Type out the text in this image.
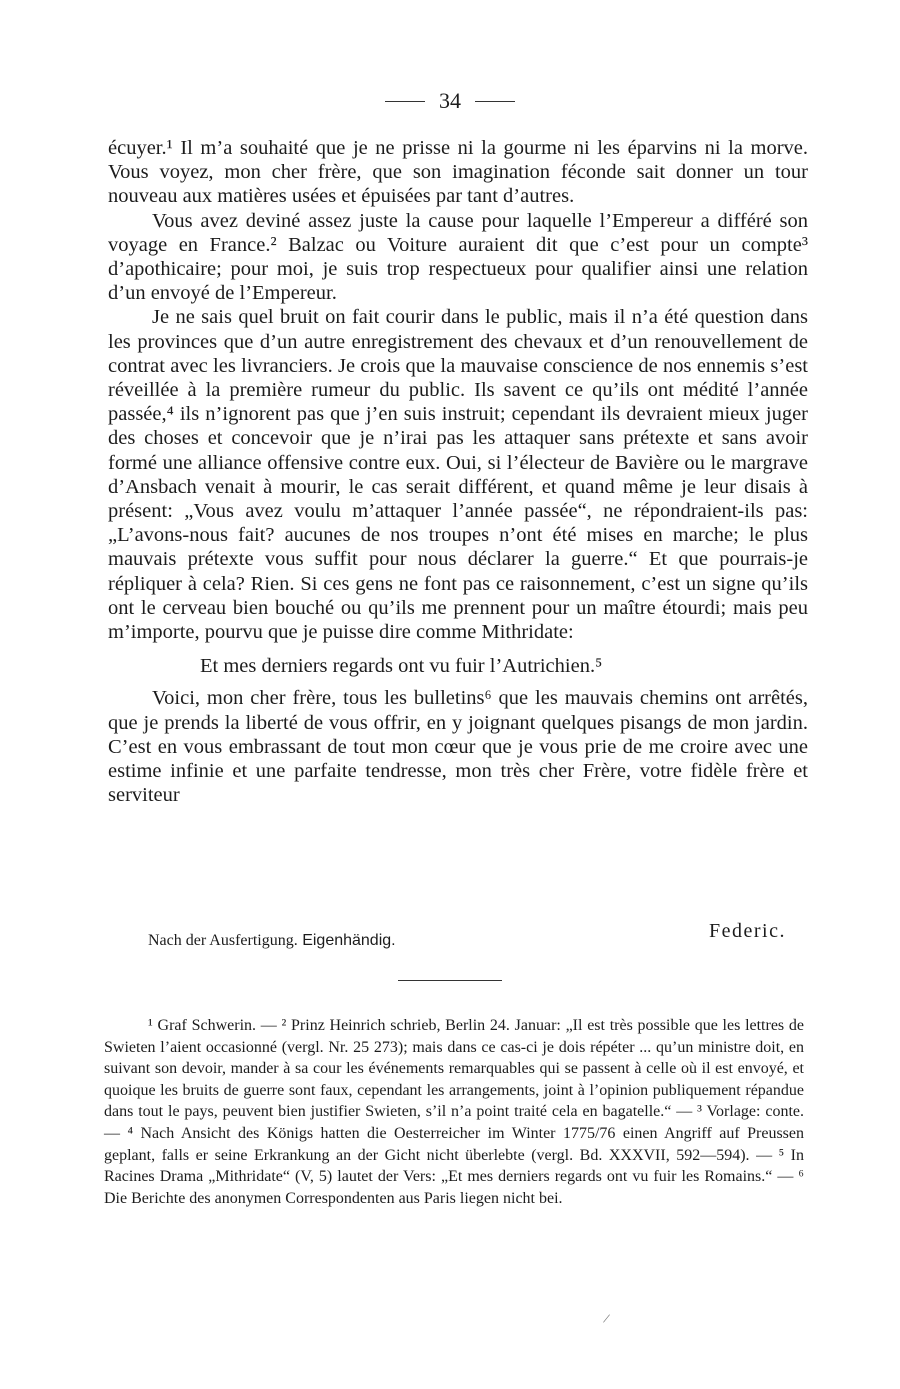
34

écuyer.¹ Il m’a souhaité que je ne prisse ni la gourme ni les éparvins ni la morve. Vous voyez, mon cher frère, que son imagination féconde sait donner un tour nouveau aux matières usées et épuisées par tant d’autres.

Vous avez deviné assez juste la cause pour laquelle l’Empereur a différé son voyage en France.² Balzac ou Voiture auraient dit que c’est pour un compte³ d’apothicaire; pour moi, je suis trop respectueux pour qualifier ainsi une relation d’un envoyé de l’Empereur.

Je ne sais quel bruit on fait courir dans le public, mais il n’a été question dans les provinces que d’un autre enregistrement des chevaux et d’un renouvellement de contrat avec les livranciers. Je crois que la mauvaise conscience de nos ennemis s’est réveillée à la première rumeur du public. Ils savent ce qu’ils ont médité l’année passée,⁴ ils n’ignorent pas que j’en suis instruit; cependant ils devraient mieux juger des choses et concevoir que je n’irai pas les attaquer sans prétexte et sans avoir formé une alliance offensive contre eux. Oui, si l’électeur de Bavière ou le margrave d’Ansbach venait à mourir, le cas serait différent, et quand même je leur disais à présent: „Vous avez voulu m’attaquer l’année passée“, ne répondraient-ils pas: „L’avons-nous fait? aucunes de nos troupes n’ont été mises en marche; le plus mauvais prétexte vous suffit pour nous déclarer la guerre.“ Et que pourrais-je répliquer à cela? Rien. Si ces gens ne font pas ce raisonnement, c’est un signe qu’ils ont le cerveau bien bouché ou qu’ils me prennent pour un maître étourdi; mais peu m’importe, pourvu que je puisse dire comme Mithridate:

Et mes derniers regards ont vu fuir l’Autrichien.⁵

Voici, mon cher frère, tous les bulletins⁶ que les mauvais chemins ont arrêtés, que je prends la liberté de vous offrir, en y joignant quelques pisangs de mon jardin. C’est en vous embrassant de tout mon cœur que je vous prie de me croire avec une estime infinie et une parfaite tendresse, mon très cher Frère, votre fidèle frère et serviteur

Nach der Ausfertigung. Eigenhändig.	Federic.

¹ Graf Schwerin. — ² Prinz Heinrich schrieb, Berlin 24. Januar: „Il est très possible que les lettres de Swieten l’aient occasionné (vergl. Nr. 25 273); mais dans ce cas-ci je dois répéter ... qu’un ministre doit, en suivant son devoir, mander à sa cour les événements remarquables qui se passent à celle où il est envoyé, et quoique les bruits de guerre sont faux, cependant les arrangements, joint à l’opinion publiquement répandue dans tout le pays, peuvent bien justifier Swieten, s’il n’a point traité cela en bagatelle.“ — ³ Vorlage: conte. — ⁴ Nach Ansicht des Königs hatten die Oesterreicher im Winter 1775/76 einen Angriff auf Preussen geplant, falls er seine Erkrankung an der Gicht nicht überlebte (vergl. Bd. XXXVII, 592—594). — ⁵ In Racines Drama „Mithridate“ (V, 5) lautet der Vers: „Et mes derniers regards ont vu fuir les Romains.“ — ⁶ Die Berichte des anonymen Correspondenten aus Paris liegen nicht bei.

/
